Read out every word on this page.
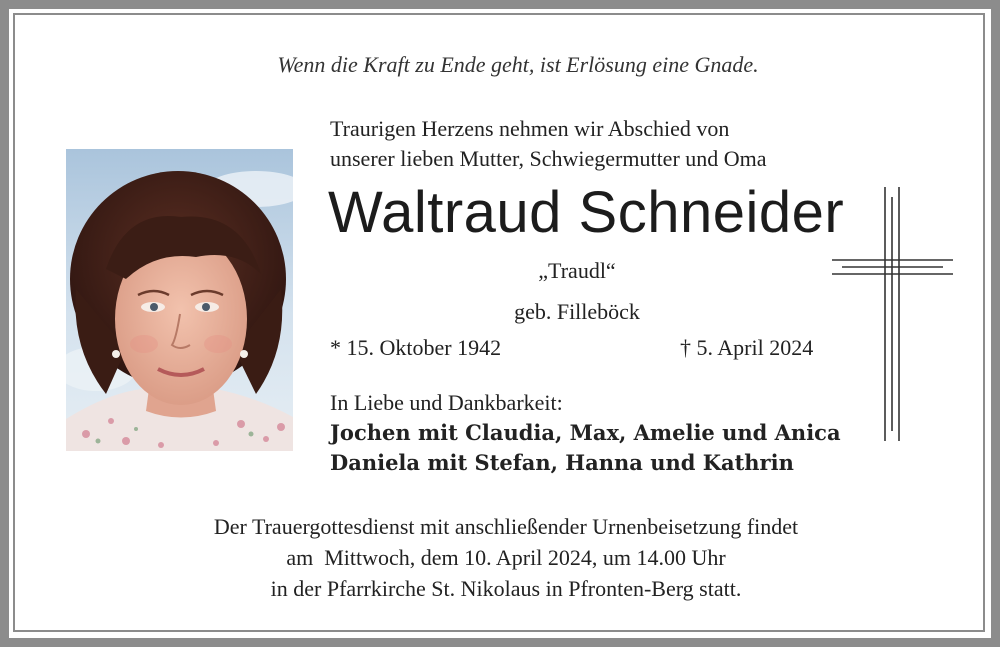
Wenn die Kraft zu Ende geht, ist Erlösung eine Gnade.
Traurigen Herzens nehmen wir Abschied von
unserer lieben Mutter, Schwiegermutter und Oma
Waltraud Schneider
„Traudl“
geb. Filleböck
* 15. Oktober 1942	† 5. April 2024
In Liebe und Dankbarkeit:
Jochen mit Claudia, Max, Amelie und Anica
Daniela mit Stefan, Hanna und Kathrin
Der Trauergottesdienst mit anschließender Urnenbeisetzung findet
am  Mittwoch, dem 10. April 2024, um 14.00 Uhr
in der Pfarrkirche St. Nikolaus in Pfronten-Berg statt.
